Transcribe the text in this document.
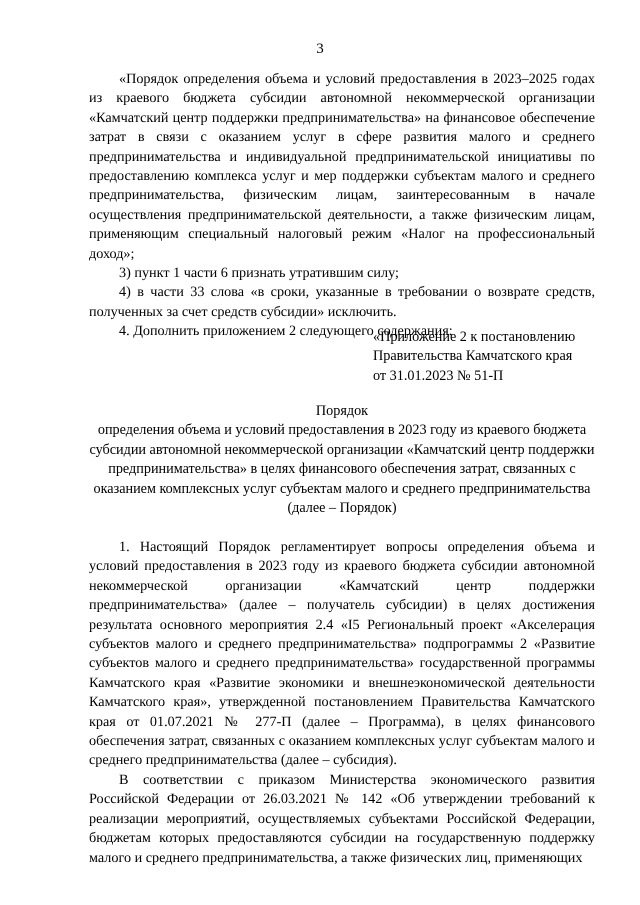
3

«Порядок определения объема и условий предоставления в 2023–2025 годах из краевого бюджета субсидии автономной некоммерческой организации «Камчатский центр поддержки предпринимательства» на финансовое обеспечение затрат в связи с оказанием услуг в сфере развития малого и среднего предпринимательства и индивидуальной предпринимательской инициативы по предоставлению комплекса услуг и мер поддержки субъектам малого и среднего предпринимательства, физическим лицам, заинтересованным в начале осуществления предпринимательской деятельности, а также физическим лицам, применяющим специальный налоговый режим «Налог на профессиональный доход»;

3) пункт 1 части 6 признать утратившим силу;

4) в части 33 слова «в сроки, указанные в требовании о возврате средств, полученных за счет средств субсидии» исключить.

4. Дополнить приложением 2 следующего содержания:

«Приложение 2 к постановлению
Правительства Камчатского края
от 31.01.2023 № 51-П
Порядок
определения объема и условий предоставления в 2023 году из краевого бюджета субсидии автономной некоммерческой организации «Камчатский центр поддержки предпринимательства» в целях финансового обеспечения затрат, связанных с оказанием комплексных услуг субъектам малого и среднего предпринимательства (далее – Порядок)

1. Настоящий Порядок регламентирует вопросы определения объема и условий предоставления в 2023 году из краевого бюджета субсидии автономной некоммерческой организации «Камчатский центр поддержки предпринимательства» (далее – получатель субсидии) в целях достижения результата основного мероприятия 2.4 «I5 Региональный проект «Акселерация субъектов малого и среднего предпринимательства» подпрограммы 2 «Развитие субъектов малого и среднего предпринимательства» государственной программы Камчатского края «Развитие экономики и внешнеэкономической деятельности Камчатского края», утвержденной постановлением Правительства Камчатского края от 01.07.2021 № 277-П (далее – Программа), в целях финансового обеспечения затрат, связанных с оказанием комплексных услуг субъектам малого и среднего предпринимательства (далее – субсидия).

В соответствии с приказом Министерства экономического развития Российской Федерации от 26.03.2021 № 142 «Об утверждении требований к реализации мероприятий, осуществляемых субъектами Российской Федерации, бюджетам которых предоставляются субсидии на государственную поддержку малого и среднего предпринимательства, а также физических лиц, применяющих
